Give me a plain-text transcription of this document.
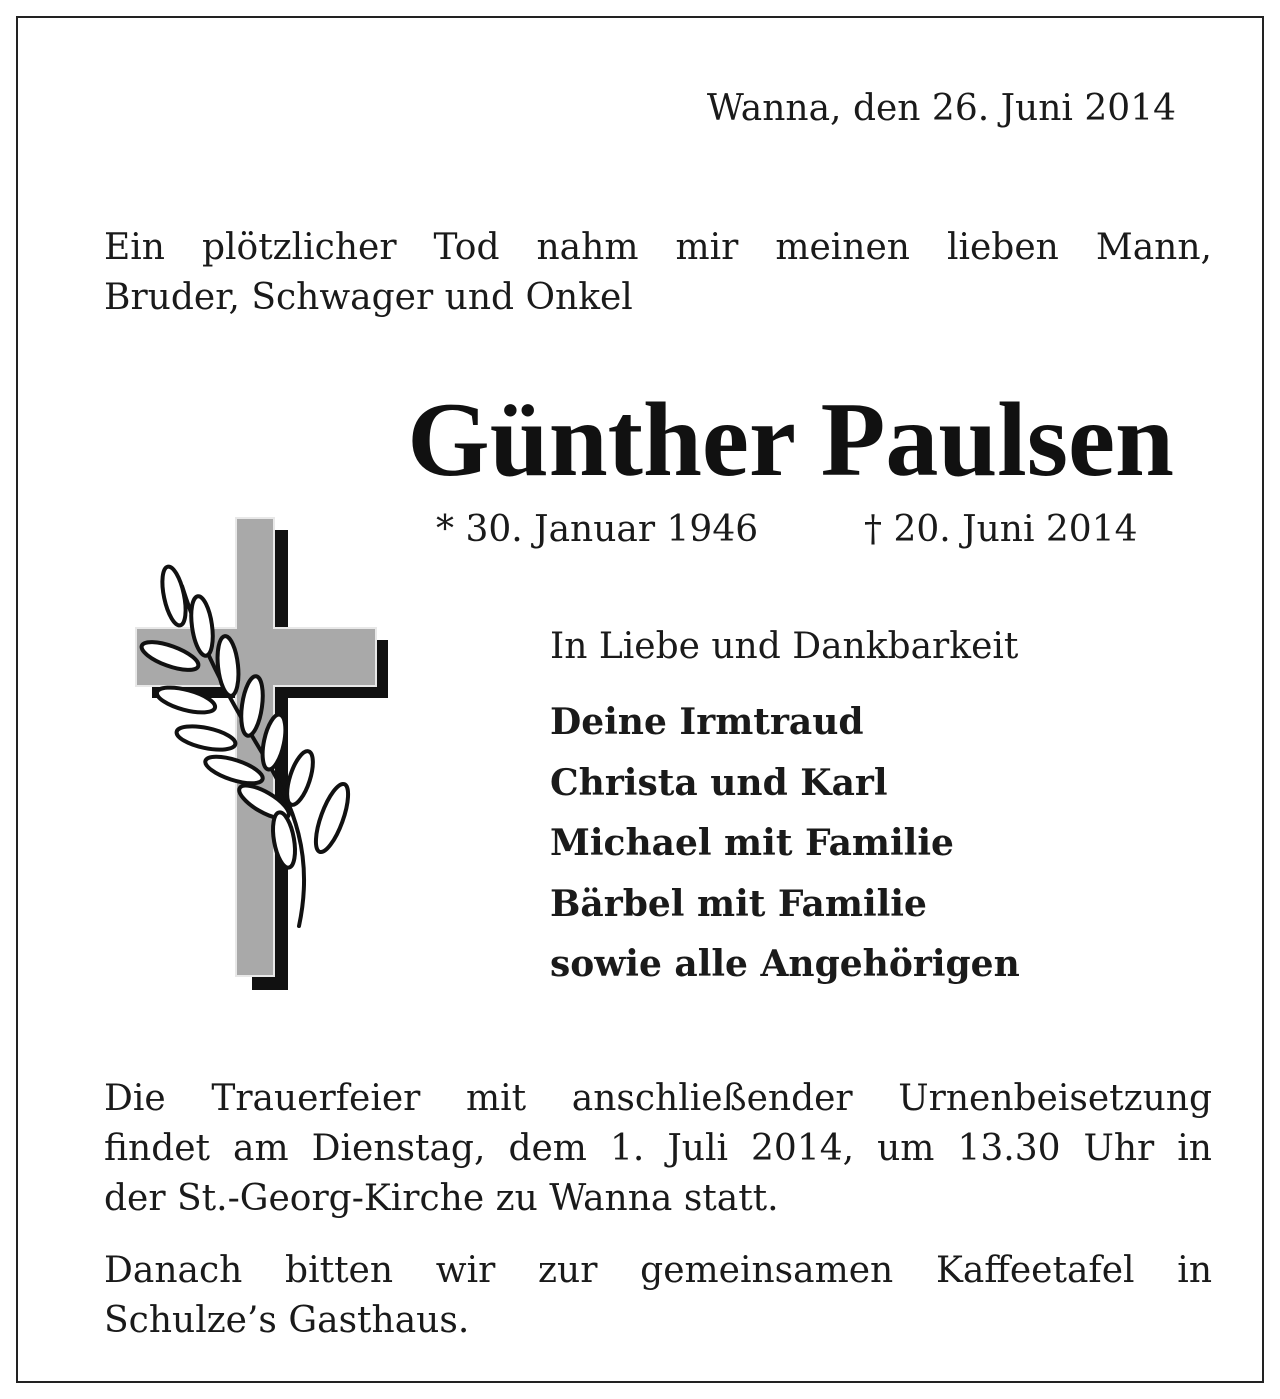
Wanna, den 26. Juni 2014
Ein plötzlicher Tod nahm mir meinen lieben Mann,
Bruder, Schwager und Onkel
Günther Paulsen
* 30. Januar 1946	† 20. Juni 2014
In Liebe und Dankbarkeit
Deine Irmtraud
Christa und Karl
Michael mit Familie
Bärbel mit Familie
sowie alle Angehörigen
Die Trauerfeier mit anschließender Urnenbeisetzung
findet am Dienstag, dem 1. Juli 2014, um 13.30 Uhr in
der St.-Georg-Kirche zu Wanna statt.
Danach bitten wir zur gemeinsamen Kaffeetafel in
Schulze’s Gasthaus.
